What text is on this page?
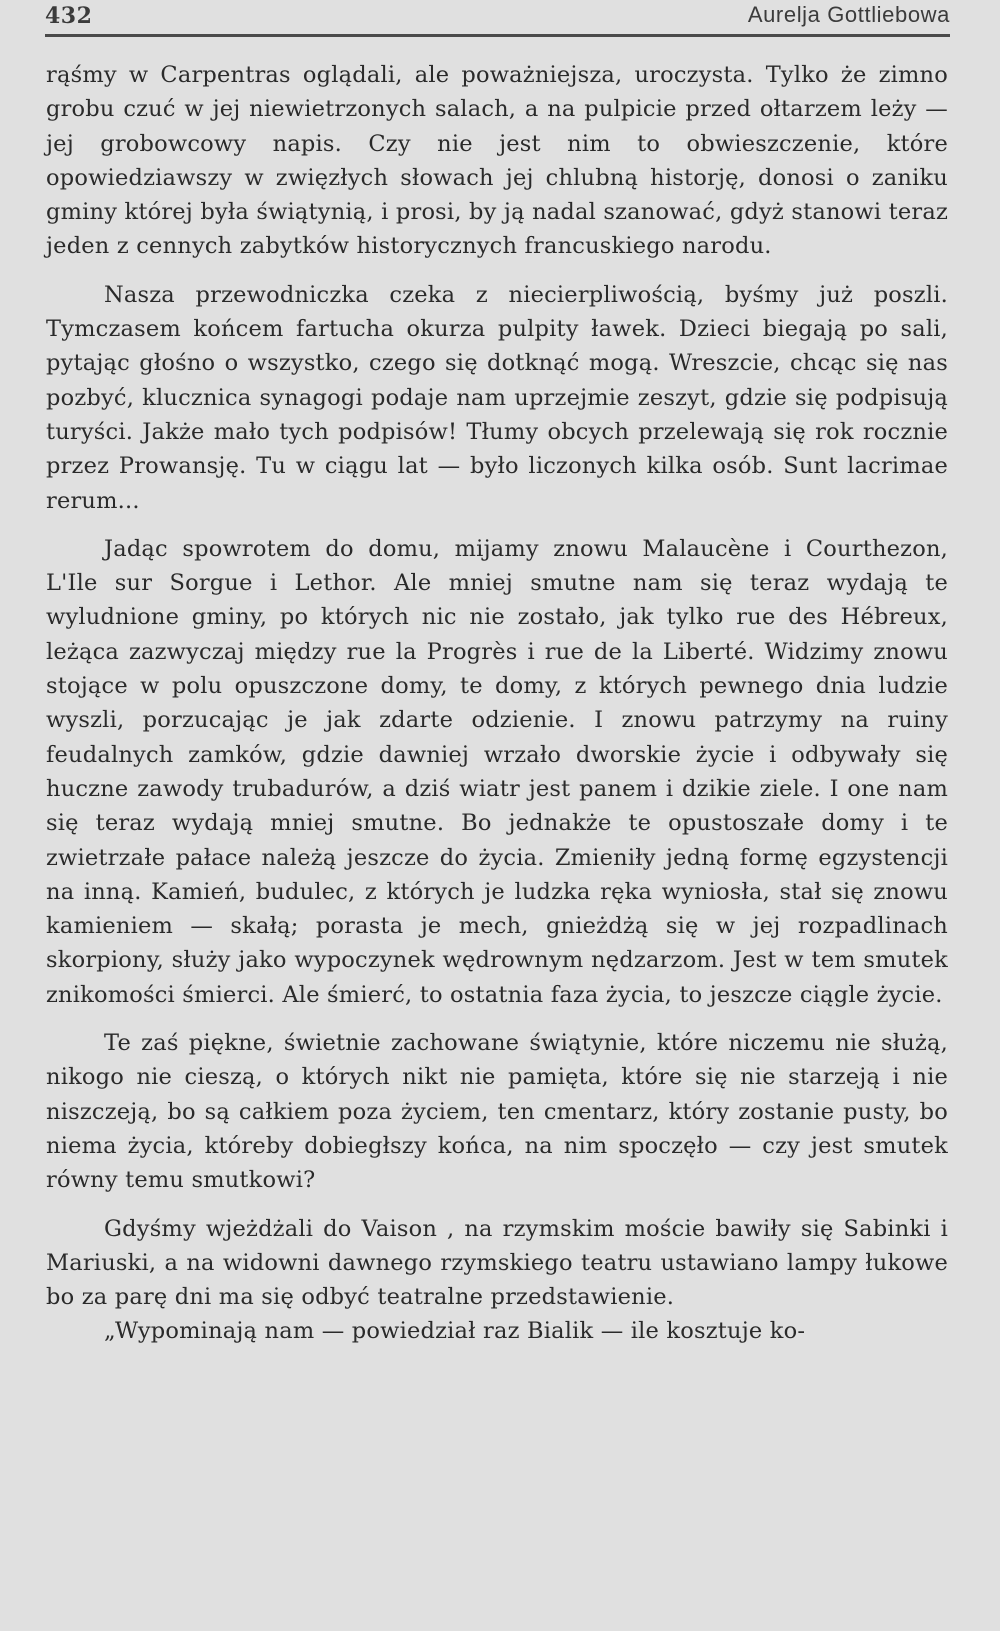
432	Aurelja Gottliebowa

rąśmy w Carpentras oglądali, ale poważniejsza, uroczysta. Tylko że zimno grobu czuć w jej niewietrzonych salach, a na pulpicie przed ołtarzem leży — jej grobowcowy napis. Czy nie jest nim to obwieszczenie, które opowiedziawszy w zwięzłych słowach jej chlubną historję, donosi o zaniku gminy której była świątynią, i prosi, by ją nadal szanować, gdyż stanowi teraz jeden z cennych zabytków historycznych francuskiego narodu.

Nasza przewodniczka czeka z niecierpliwością, byśmy już poszli. Tymczasem końcem fartucha okurza pulpity ławek. Dzieci biegają po sali, pytając głośno o wszystko, czego się dotknąć mogą. Wreszcie, chcąc się nas pozbyć, klucznica synagogi podaje nam uprzejmie zeszyt, gdzie się podpisują turyści. Jakże mało tych podpisów! Tłumy obcych przelewają się rok rocznie przez Prowansję. Tu w ciągu lat — było liczonych kilka osób. Sunt lacrimae rerum...

Jadąc spowrotem do domu, mijamy znowu Malaucène i Courthezon, L'Ile sur Sorgue i Lethor. Ale mniej smutne nam się teraz wydają te wyludnione gminy, po których nic nie zostało, jak tylko rue des Hébreux, leżąca zazwyczaj między rue la Progrès i rue de la Liberté. Widzimy znowu stojące w polu opuszczone domy, te domy, z których pewnego dnia ludzie wyszli, porzucając je jak zdarte odzienie. I znowu patrzymy na ruiny feudalnych zamków, gdzie dawniej wrzało dworskie życie i odbywały się huczne zawody trubadurów, a dziś wiatr jest panem i dzikie ziele. I one nam się teraz wydają mniej smutne. Bo jednakże te opustoszałe domy i te zwietrzałe pałace należą jeszcze do życia. Zmieniły jedną formę egzystencji na inną. Kamień, budulec, z których je ludzka ręka wyniosła, stał się znowu kamieniem — skałą; porasta je mech, gnieżdżą się w jej rozpadlinach skorpiony, służy jako wypoczynek wędrownym nędzarzom. Jest w tem smutek znikomości śmierci. Ale śmierć, to ostatnia faza życia, to jeszcze ciągle życie.

Te zaś piękne, świetnie zachowane świątynie, które niczemu nie służą, nikogo nie cieszą, o których nikt nie pamięta, które się nie starzeją i nie niszczeją, bo są całkiem poza życiem, ten cmentarz, który zostanie pusty, bo niema życia, któreby dobiegłszy końca, na nim spoczęło — czy jest smutek równy temu smutkowi?

Gdyśmy wjeżdżali do Vaison , na rzymskim moście bawiły się Sabinki i Mariuski, a na widowni dawnego rzymskiego teatru ustawiano lampy łukowe bo za parę dni ma się odbyć teatralne przedstawienie.

„Wypominają nam — powiedział raz Bialik — ile kosztuje ko-
